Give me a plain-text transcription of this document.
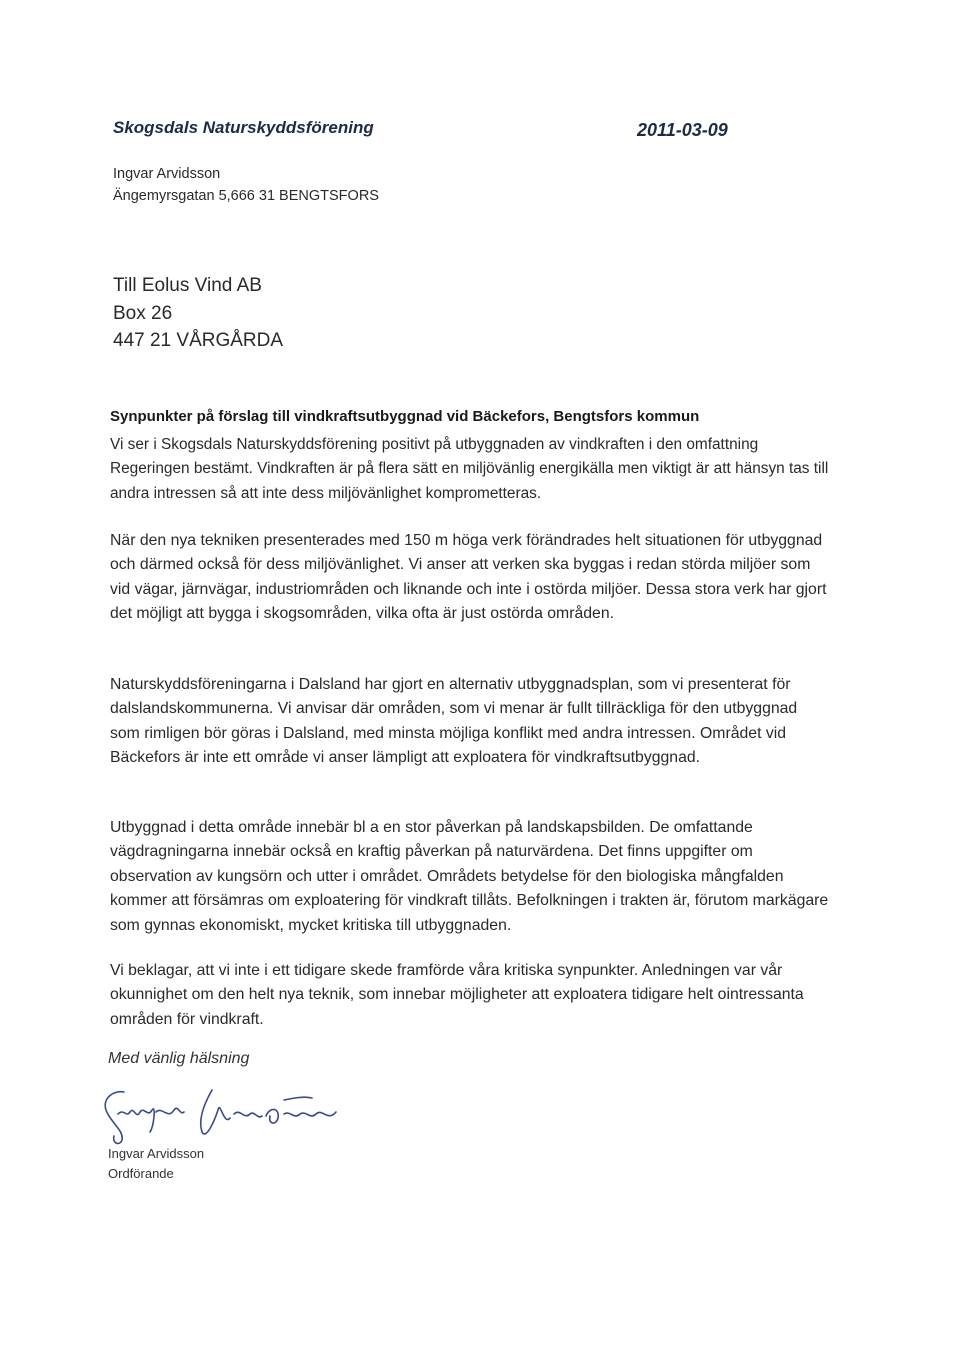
Skogsdals Naturskyddsförening	2011-03-09
Ingvar Arvidsson
Ängemyrsgatan 5,666 31 BENGTSFORS
Till Eolus Vind AB
Box 26
447 21 VÅRGÅRDA
Synpunkter på förslag till vindkraftsutbyggnad vid Bäckefors, Bengtsfors kommun
Vi ser i Skogsdals Naturskyddsförening positivt på utbyggnaden av vindkraften i den omfattning Regeringen bestämt. Vindkraften är på flera sätt en miljövänlig energikälla men viktigt är att hänsyn tas till andra intressen så att inte dess miljövänlighet komprometteras.
När den nya tekniken presenterades med 150 m höga verk förändrades helt situationen för utbyggnad och därmed också för dess miljövänlighet. Vi anser att verken ska byggas i redan störda miljöer som vid vägar, järnvägar, industriområden och liknande och inte i ostörda miljöer. Dessa stora verk har gjort det möjligt att bygga i skogsområden, vilka ofta är just ostörda områden.
Naturskyddsföreningarna i Dalsland har gjort en alternativ utbyggnadsplan, som vi presenterat för dalslandskommunerna. Vi anvisar där områden, som vi menar är fullt tillräckliga för den utbyggnad som rimligen bör göras i Dalsland, med minsta möjliga konflikt med andra intressen. Området vid Bäckefors är inte ett område vi anser lämpligt att exploatera för vindkraftsutbyggnad.
Utbyggnad i detta område innebär bl a en stor påverkan på landskapsbilden. De omfattande vägdragningarna innebär också en kraftig påverkan på naturvärdena. Det finns uppgifter om observation av kungsörn och utter i området. Områdets betydelse för den biologiska mångfalden kommer att försämras om exploatering för vindkraft tillåts. Befolkningen i trakten är, förutom markägare som gynnas ekonomiskt, mycket kritiska till utbyggnaden.
Vi beklagar, att vi inte i ett tidigare skede framförde våra kritiska synpunkter. Anledningen var vår okunnighet om den helt nya teknik, som innebar möjligheter att exploatera tidigare helt ointressanta områden för vindkraft.
Med vänlig hälsning
Ingvar Arvidsson
Ingvar Arvidsson
Ordförande
